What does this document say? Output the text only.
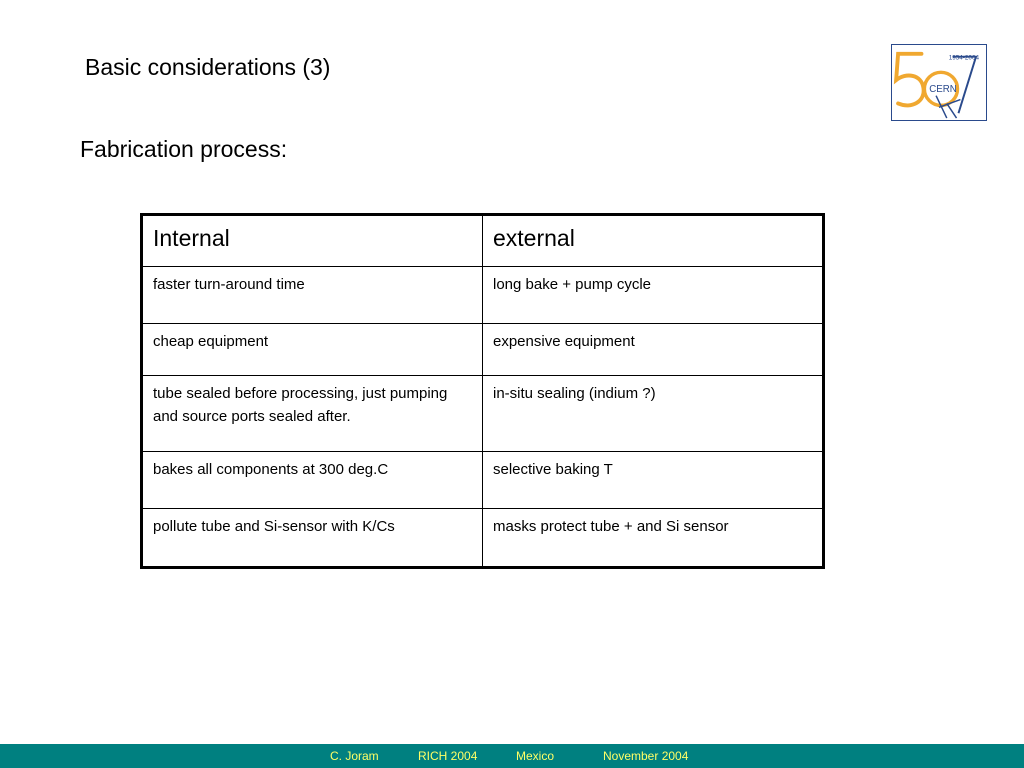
Basic considerations (3)
Fabrication process:
1954-2004
CERN
Internal	external
faster turn-around time	long bake + pump cycle
cheap equipment	expensive equipment
tube sealed before processing, just pumping and source ports sealed after.	in-situ sealing (indium ?)
bakes all components at 300 deg.C	selective baking T
pollute tube and Si-sensor with K/Cs	masks protect tube + and Si sensor
C. Joram	RICH 2004	Mexico	November 2004
